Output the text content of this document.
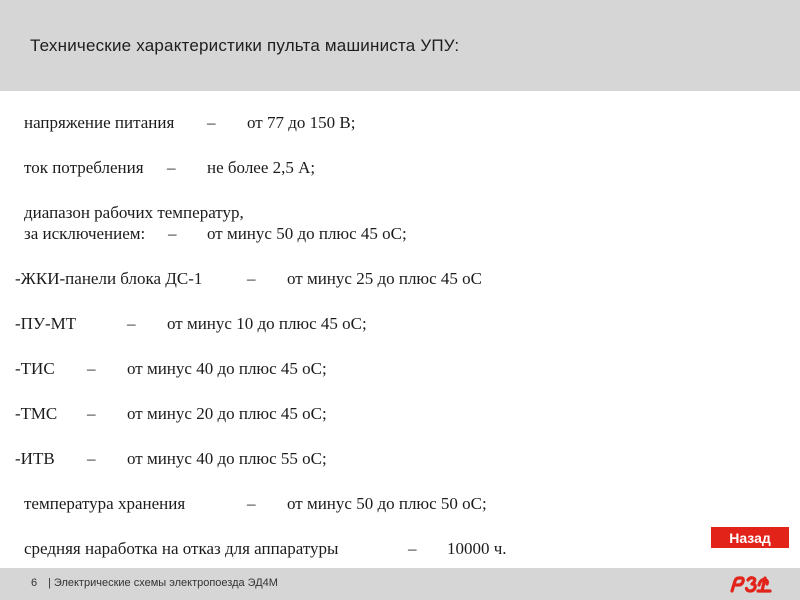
Технические характеристики пульта машиниста УПУ:
напряжение питания – от 77 до 150 В;
ток потребления – не более 2,5 А;
диапазон рабочих температур,
за исключением: – от минус 50 до плюс 45 оС;
-ЖКИ-панели блока ДС-1	– от минус 25 до плюс 45 оС
-ПУ-МТ	– от минус 10 до плюс 45 оС;
-ТИС – от минус 40 до плюс 45 оС;
-ТМС – от минус 20 до плюс 45 оС;
-ИТВ – от минус 40 до плюс 55 оС;
температура хранения	– от минус 50 до плюс 50 оС;
средняя наработка на отказ для аппаратуры	– 10000 ч.
Назад
6 | Электрические схемы электропоезда ЭД4М
